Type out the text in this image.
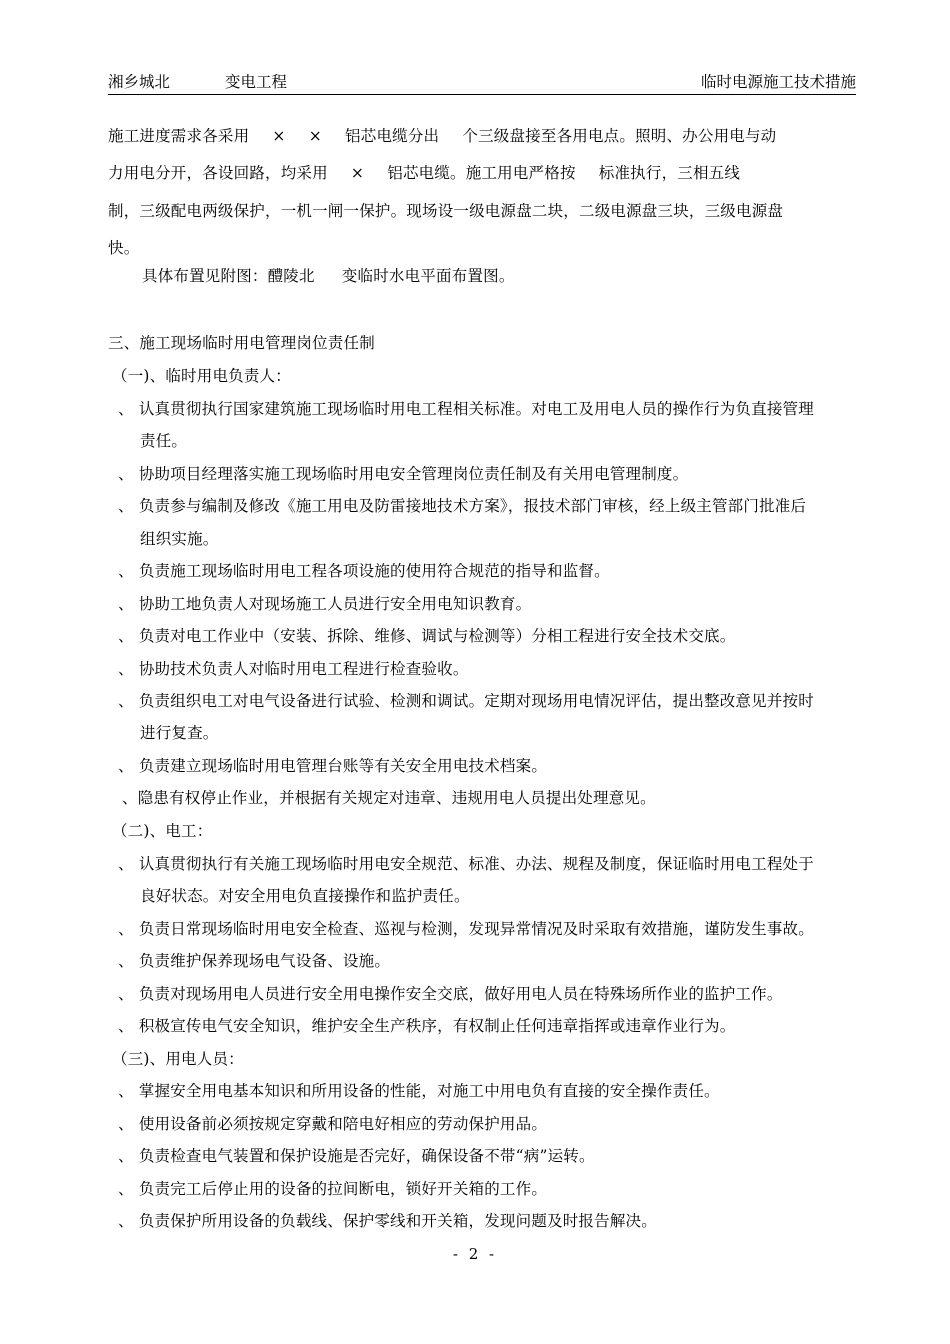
湘乡城北	变电工程	临时电源施工技术措施
施工进度需求各采用 × × 铝芯电缆分出 个三级盘接至各用电点。照明、办公用电与动
力用电分开，各设回路，均采用 × 铝芯电缆。施工用电严格按 标准执行，三相五线
制，三级配电两级保护，一机一闸一保护。现场设一级电源盘二块，二级电源盘三块，三级电源盘
快。
具体布置见附图：醴陵北 变临时水电平面布置图。
三、施工现场临时用电管理岗位责任制
（一)、临时用电负责人：
、 认真贯彻执行国家建筑施工现场临时用电工程相关标准。对电工及用电人员的操作行为负直接管理
责任。
、 协助项目经理落实施工现场临时用电安全管理岗位责任制及有关用电管理制度。
、 负责参与编制及修改《施工用电及防雷接地技术方案》，报技术部门审核，经上级主管部门批准后
组织实施。
、 负责施工现场临时用电工程各项设施的使用符合规范的指导和监督。
、 协助工地负责人对现场施工人员进行安全用电知识教育。
、 负责对电工作业中（安装、拆除、维修、调试与检测等）分相工程进行安全技术交底。
、 协助技术负责人对临时用电工程进行检查验收。
、 负责组织电工对电气设备进行试验、检测和调试。定期对现场用电情况评估，提出整改意见并按时
进行复查。
、 负责建立现场临时用电管理台账等有关安全用电技术档案。
、隐患有权停止作业，并根据有关规定对违章、违规用电人员提出处理意见。
（二)、电工：
、 认真贯彻执行有关施工现场临时用电安全规范、标准、办法、规程及制度，保证临时用电工程处于
良好状态。对安全用电负直接操作和监护责任。
、 负责日常现场临时用电安全检查、巡视与检测，发现异常情况及时采取有效措施，谨防发生事故。
、 负责维护保养现场电气设备、设施。
、 负责对现场用电人员进行安全用电操作安全交底，做好用电人员在特殊场所作业的监护工作。
、 积极宣传电气安全知识，维护安全生产秩序，有权制止任何违章指挥或违章作业行为。
（三)、用电人员：
、 掌握安全用电基本知识和所用设备的性能，对施工中用电负有直接的安全操作责任。
、 使用设备前必须按规定穿戴和陪电好相应的劳动保护用品。
、 负责检查电气装置和保护设施是否完好，确保设备不带“病”运转。
、 负责完工后停止用的设备的拉间断电，锁好开关箱的工作。
、 负责保护所用设备的负载线、保护零线和开关箱，发现问题及时报告解决。
- 2 -
